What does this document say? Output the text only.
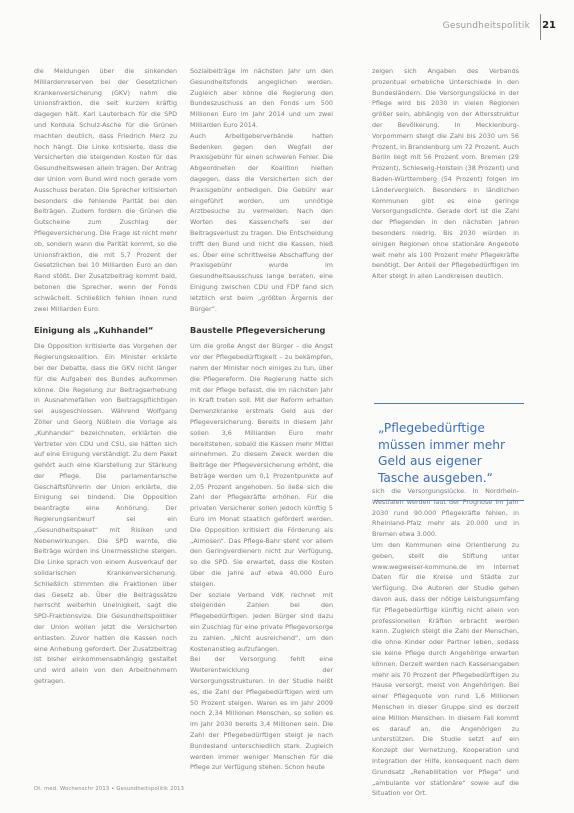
Gesundheitspolitik 21

die Meldungen über die sinkenden Milliardenreserven bei der Gesetzlichen Krankenversicherung (GKV) nahm die Unionsfraktion, die seit kurzem kräftig dagegen hält. Karl Lauterbach für die SPD und Kordula Schulz-Asche für die Grünen machten deutlich, dass Friedrich Merz zu hoch hängt. Die Linke kritisierte, dass die Versicherten die steigenden Kosten für das Gesundheitswesen allein tragen. Der Antrag der Union vom Bund wird noch gerade vom Ausschuss beraten. Die Sprecher kritisierten besonders die fehlende Parität bei den Beiträgen. Zudem fordern die Grünen die Gutscheine zum Zuschlag der Pflegeversicherung. Die Frage ist nicht mehr ob, sondern wann die Parität kommt, so die Unionsfraktion, die mit 5,7 Prozent der Gesetzlichen bei 10 Milliarden Euro an den Rand stößt. Der Zusatzbeitrag kommt bald, betonen die Sprecher, wenn der Fonds schwächelt. Schließlich fehlen ihnen rund zwei Milliarden Euro.

Einigung als „Kuhhandel“

Die Opposition kritisierte das Vorgehen der Regierungskoalition. Ein Minister erklärte bei der Debatte, dass die GKV nicht länger für die Aufgaben des Bundes aufkommen könne. Die Regelung zur Beitragserhebung in Ausnahmefällen von Beitragspflichtigen sei ausgeschlossen. Während Wolfgang Zöller und Georg Nüßlein die Vorlage als „Kuhhandel“ bezeichneten, erklärten die Vertreter von CDU und CSU, sie hätten sich auf eine Einigung verständigt. Zu dem Paket gehört auch eine Klarstellung zur Stärkung der Pflege. Die parlamentarische Geschäftsführerin der Union erklärte, die Einigung sei bindend. Die Opposition beantragte eine Anhörung. Der Regierungsentwurf sei ein „Gesundheitspaket“ mit Risiken und Nebenwirkungen. Die SPD warnte, die Beiträge würden ins Unermessliche steigen. Die Linke sprach von einem Ausverkauf der solidarischen Krankenversicherung. Schließlich stimmten die Fraktionen über das Gesetz ab. Über die Beitragssätze herrscht weiterhin Uneinigkeit, sagt die SPD-Fraktionsvize. Die Gesundheitspolitiker der Union wollen jetzt die Versicherten entlasten. Zuvor hatten die Kassen noch eine Anhebung gefordert. Der Zusatzbeitrag ist bisher einkommensabhängig gestaltet und wird allein von den Arbeitnehmern getragen.

Sozialbeiträge im nächsten Jahr um den Gesundheitsfonds angeglichen werden. Zugleich aber könne die Regierung den Bundeszuschuss an den Fonds um 500 Millionen Euro im Jahr 2014 und um zwei Milliarden Euro 2014.

Auch Arbeitgeberverbände hatten Bedenken gegen den Wegfall der Praxisgebühr für einen schweren Fehler. Die Abgeordneten der Koalition hielten dagegen, dass die Versicherten sich der Praxisgebühr entledigen. Die Gebühr war eingeführt worden, um unnötige Arztbesuche zu vermeiden. Nach den Worten des Kassenchefs sei der Beitragsverlust zu tragen. Die Entscheidung trifft den Bund und nicht die Kassen, hieß es. Über eine schrittweise Abschaffung der Praxisgebühr wurde im Gesundheitsausschuss lange beraten, eine Einigung zwischen CDU und FDP fand sich letztlich erst beim „größten Ärgernis der Bürger“.

Baustelle Pflegeversicherung

Um die große Angst der Bürger – die Angst vor der Pflegebedürftigkeit – zu bekämpfen, nahm der Minister noch einiges zu tun, über die Pflegereform. Die Regierung hatte sich mit der Pflege befasst, die im nächsten Jahr in Kraft treten soll. Mit der Reform erhalten Demenzkranke erstmals Geld aus der Pflegeversicherung. Bereits in diesem Jahr sollen 3,6 Milliarden Euro mehr bereitstehen, sobald die Kassen mehr Mittel einnehmen. Zu diesem Zweck werden die Beiträge der Pflegeversicherung erhöht, die Beträge werden um 0,1 Prozentpunkte auf 2,05 Prozent angehoben. So ließe sich die Zahl der Pflegekräfte erhöhen. Für die privaten Versicherer sollen jedoch künftig 5 Euro im Monat staatlich gefördert werden. Die Opposition kritisiert die Förderung als „Almosen“. Das Pflege-Bahr steht vor allem den Geringverdienern nicht zur Verfügung, so die SPD. Sie erwartet, dass die Kosten über die Jahre auf etwa 40.000 Euro steigen.

Der soziale Verband VdK rechnet mit steigenden Zahlen bei den Pflegebedürftigen. Jeden Bürger sind dazu ein Zuschlag für eine private Pflegevorsorge zu zahlen. „Nicht ausreichend“, um den Kostenanstieg aufzufangen.

Bei der Versorgung fehlt eine Weiterentwicklung der Versorgungsstrukturen. In der Studie heißt es, die Zahl der Pflegebedürftigen wird um 50 Prozent steigen. Waren es im Jahr 2009 noch 2,34 Millionen Menschen, so sollen es im Jahr 2030 bereits 3,4 Millionen sein. Die Zahl der Pflegebedürftigen steigt je nach Bundesland unterschiedlich stark. Zugleich werden immer weniger Menschen für die Pflege zur Verfügung stehen. Schon heute

zeigen sich Angaben des Verbands prozentual erhebliche Unterschiede in den Bundesländern. Die Versorgungslücke in der Pflege wird bis 2030 in vielen Regionen größer sein, abhängig von der Altersstruktur der Bevölkerung. In Mecklenburg-Vorpommern steigt die Zahl bis 2030 um 56 Prozent, in Brandenburg um 72 Prozent. Auch Berlin liegt mit 56 Prozent vorn. Bremen (29 Prozent), Schleswig-Holstein (38 Prozent) und Baden-Württemberg (54 Prozent) folgen im Ländervergleich. Besonders in ländlichen Kommunen gibt es eine geringe Versorgungsdichte. Gerade dort ist die Zahl der Pflegenden in den nächsten Jahren besonders niedrig. Bis 2030 würden in einigen Regionen ohne stationäre Angebote weit mehr als 100 Prozent mehr Pflegekräfte benötigt. Der Anteil der Pflegebedürftigen im Alter steigt in allen Landkreisen deutlich.

„Pflegebedürftige müssen immer mehr Geld aus eigener Tasche ausgeben.“

sich die Versorgungslücke. In Nordrhein-Westfalen werden laut der Prognose im Jahr 2030 rund 90.000 Pflegekräfte fehlen, in Rheinland-Pfalz mehr als 20.000 und in Bremen etwa 3.000.

Um den Kommunen eine Orientierung zu geben, stellt die Stiftung unter www.wegweiser-kommune.de im Internet Daten für die Kreise und Städte zur Verfügung. Die Autoren der Studie gehen davon aus, dass der nötige Leistungsumfang für Pflegebedürftige künftig nicht allein von professionellen Kräften erbracht werden kann. Zugleich steigt die Zahl der Menschen, die ohne Kinder oder Partner leben, sodass sie keine Pflege durch Angehörige erwarten können. Derzeit werden nach Kassenangaben mehr als 70 Prozent der Pflegebedürftigen zu Hause versorgt, meist von Angehörigen. Bei einer Pflegequote von rund 1,6 Millionen Menschen in dieser Gruppe sind es derzeit eine Million Menschen. In diesem Fall kommt es darauf an, die Angehörigen zu unterstützen. Die Studie setzt auf ein Konzept der Vernetzung, Kooperation und Integration der Hilfe, konsequent nach dem Grundsatz „Rehabilitation vor Pflege“ und „ambulante vor stationäre“ sowie auf die Situation vor Ort.

Dt. med. Wochenschr 2013 • Gesundheitspolitik 2013
